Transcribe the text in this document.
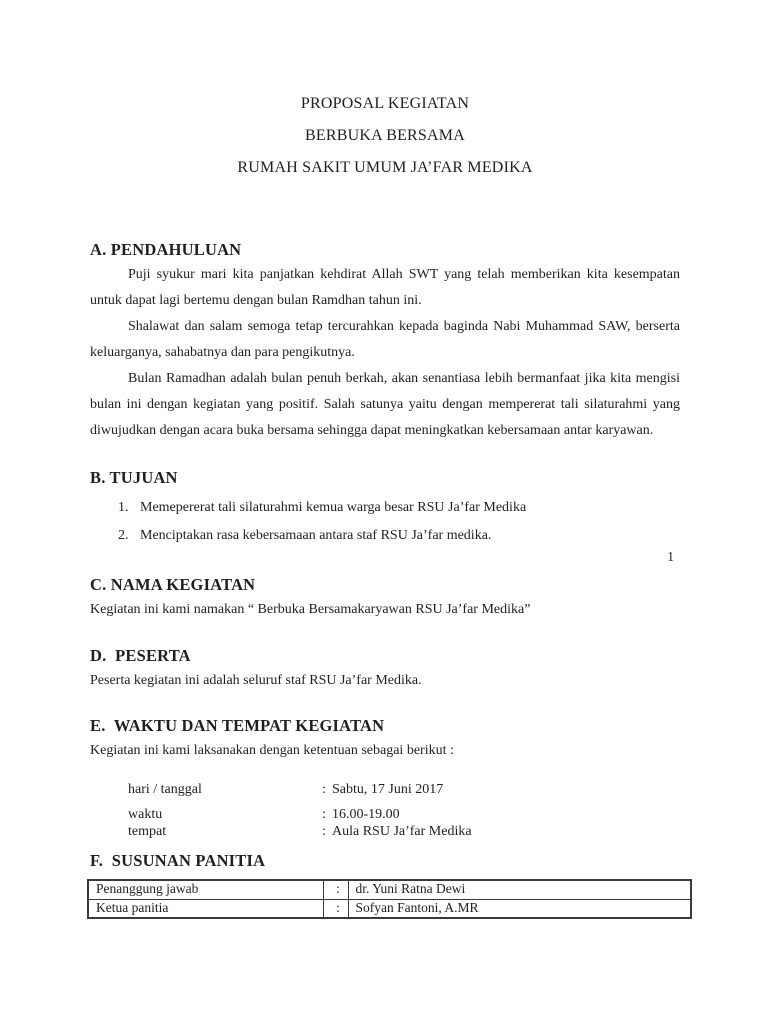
PROPOSAL KEGIATAN
BERBUKA BERSAMA
RUMAH SAKIT UMUM JA’FAR MEDIKA
A. PENDAHULUAN

Puji syukur mari kita panjatkan kehdirat Allah SWT yang telah memberikan kita kesempatan untuk dapat lagi bertemu dengan bulan Ramdhan tahun ini.

Shalawat dan salam semoga tetap tercurahkan kepada baginda Nabi Muhammad SAW, berserta keluarganya, sahabatnya dan para pengikutnya.

Bulan Ramadhan adalah bulan penuh berkah, akan senantiasa lebih bermanfaat jika kita mengisi bulan ini dengan kegiatan yang positif. Salah satunya yaitu dengan mempererat tali silaturahmi yang diwujudkan dengan acara buka bersama sehingga dapat meningkatkan kebersamaan antar karyawan.

B. TUJUAN
1. Memepererat tali silaturahmi kemua warga besar RSU Ja’far Medika
2. Menciptakan rasa kebersamaan antara staf RSU Ja’far medika.
1
C. NAMA KEGIATAN

Kegiatan ini kami namakan “ Berbuka Bersamakaryawan RSU Ja’far Medika”

D.  PESERTA

Peserta kegiatan ini adalah seluruf staf RSU Ja’far Medika.

E.  WAKTU DAN TEMPAT KEGIATAN

Kegiatan ini kami laksanakan dengan ketentuan sebagai berikut :

hari / tanggal	: Sabtu, 17 Juni 2017
waktu	: 16.00-19.00
tempat	: Aula RSU Ja’far Medika
F.  SUSUNAN PANITIA
Penanggung jawab	:	dr. Yuni Ratna Dewi
Ketua panitia	:	Sofyan Fantoni, A.MR
